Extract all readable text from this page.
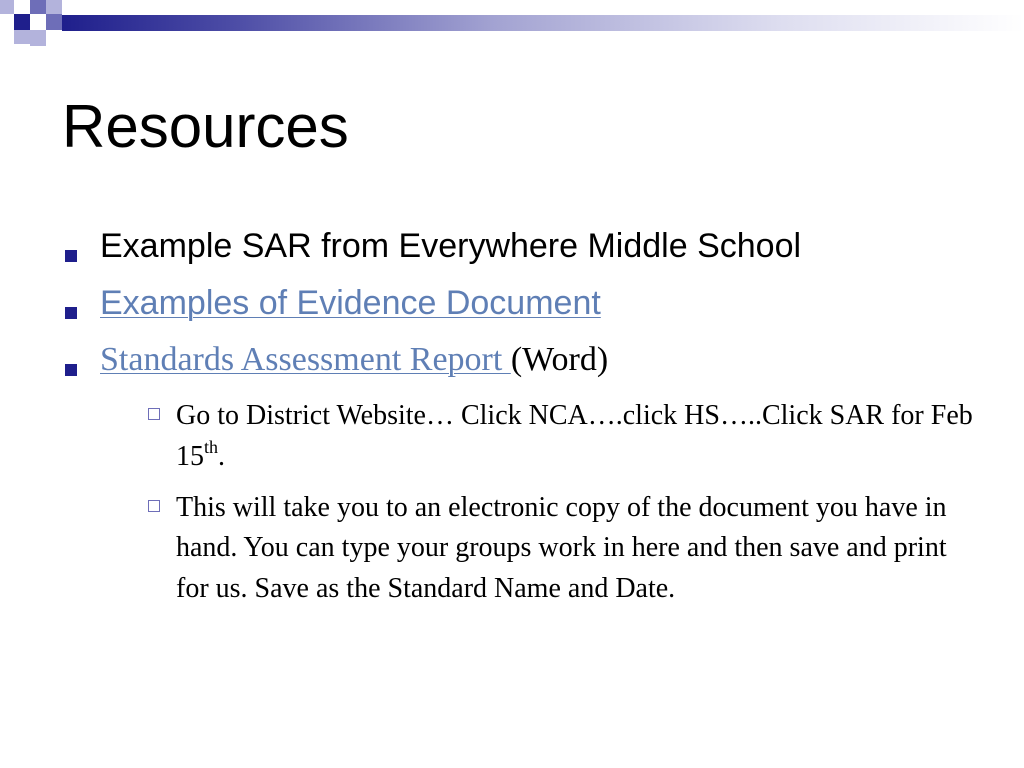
Resources
Example SAR from Everywhere Middle School
Examples of Evidence Document
Standards Assessment Report (Word)
Go to District Website… Click NCA….click HS…..Click SAR for Feb 15th.
This will take you to an electronic copy of the document you have in hand. You can type your groups work in here and then save and print for us. Save as the Standard Name and Date.
